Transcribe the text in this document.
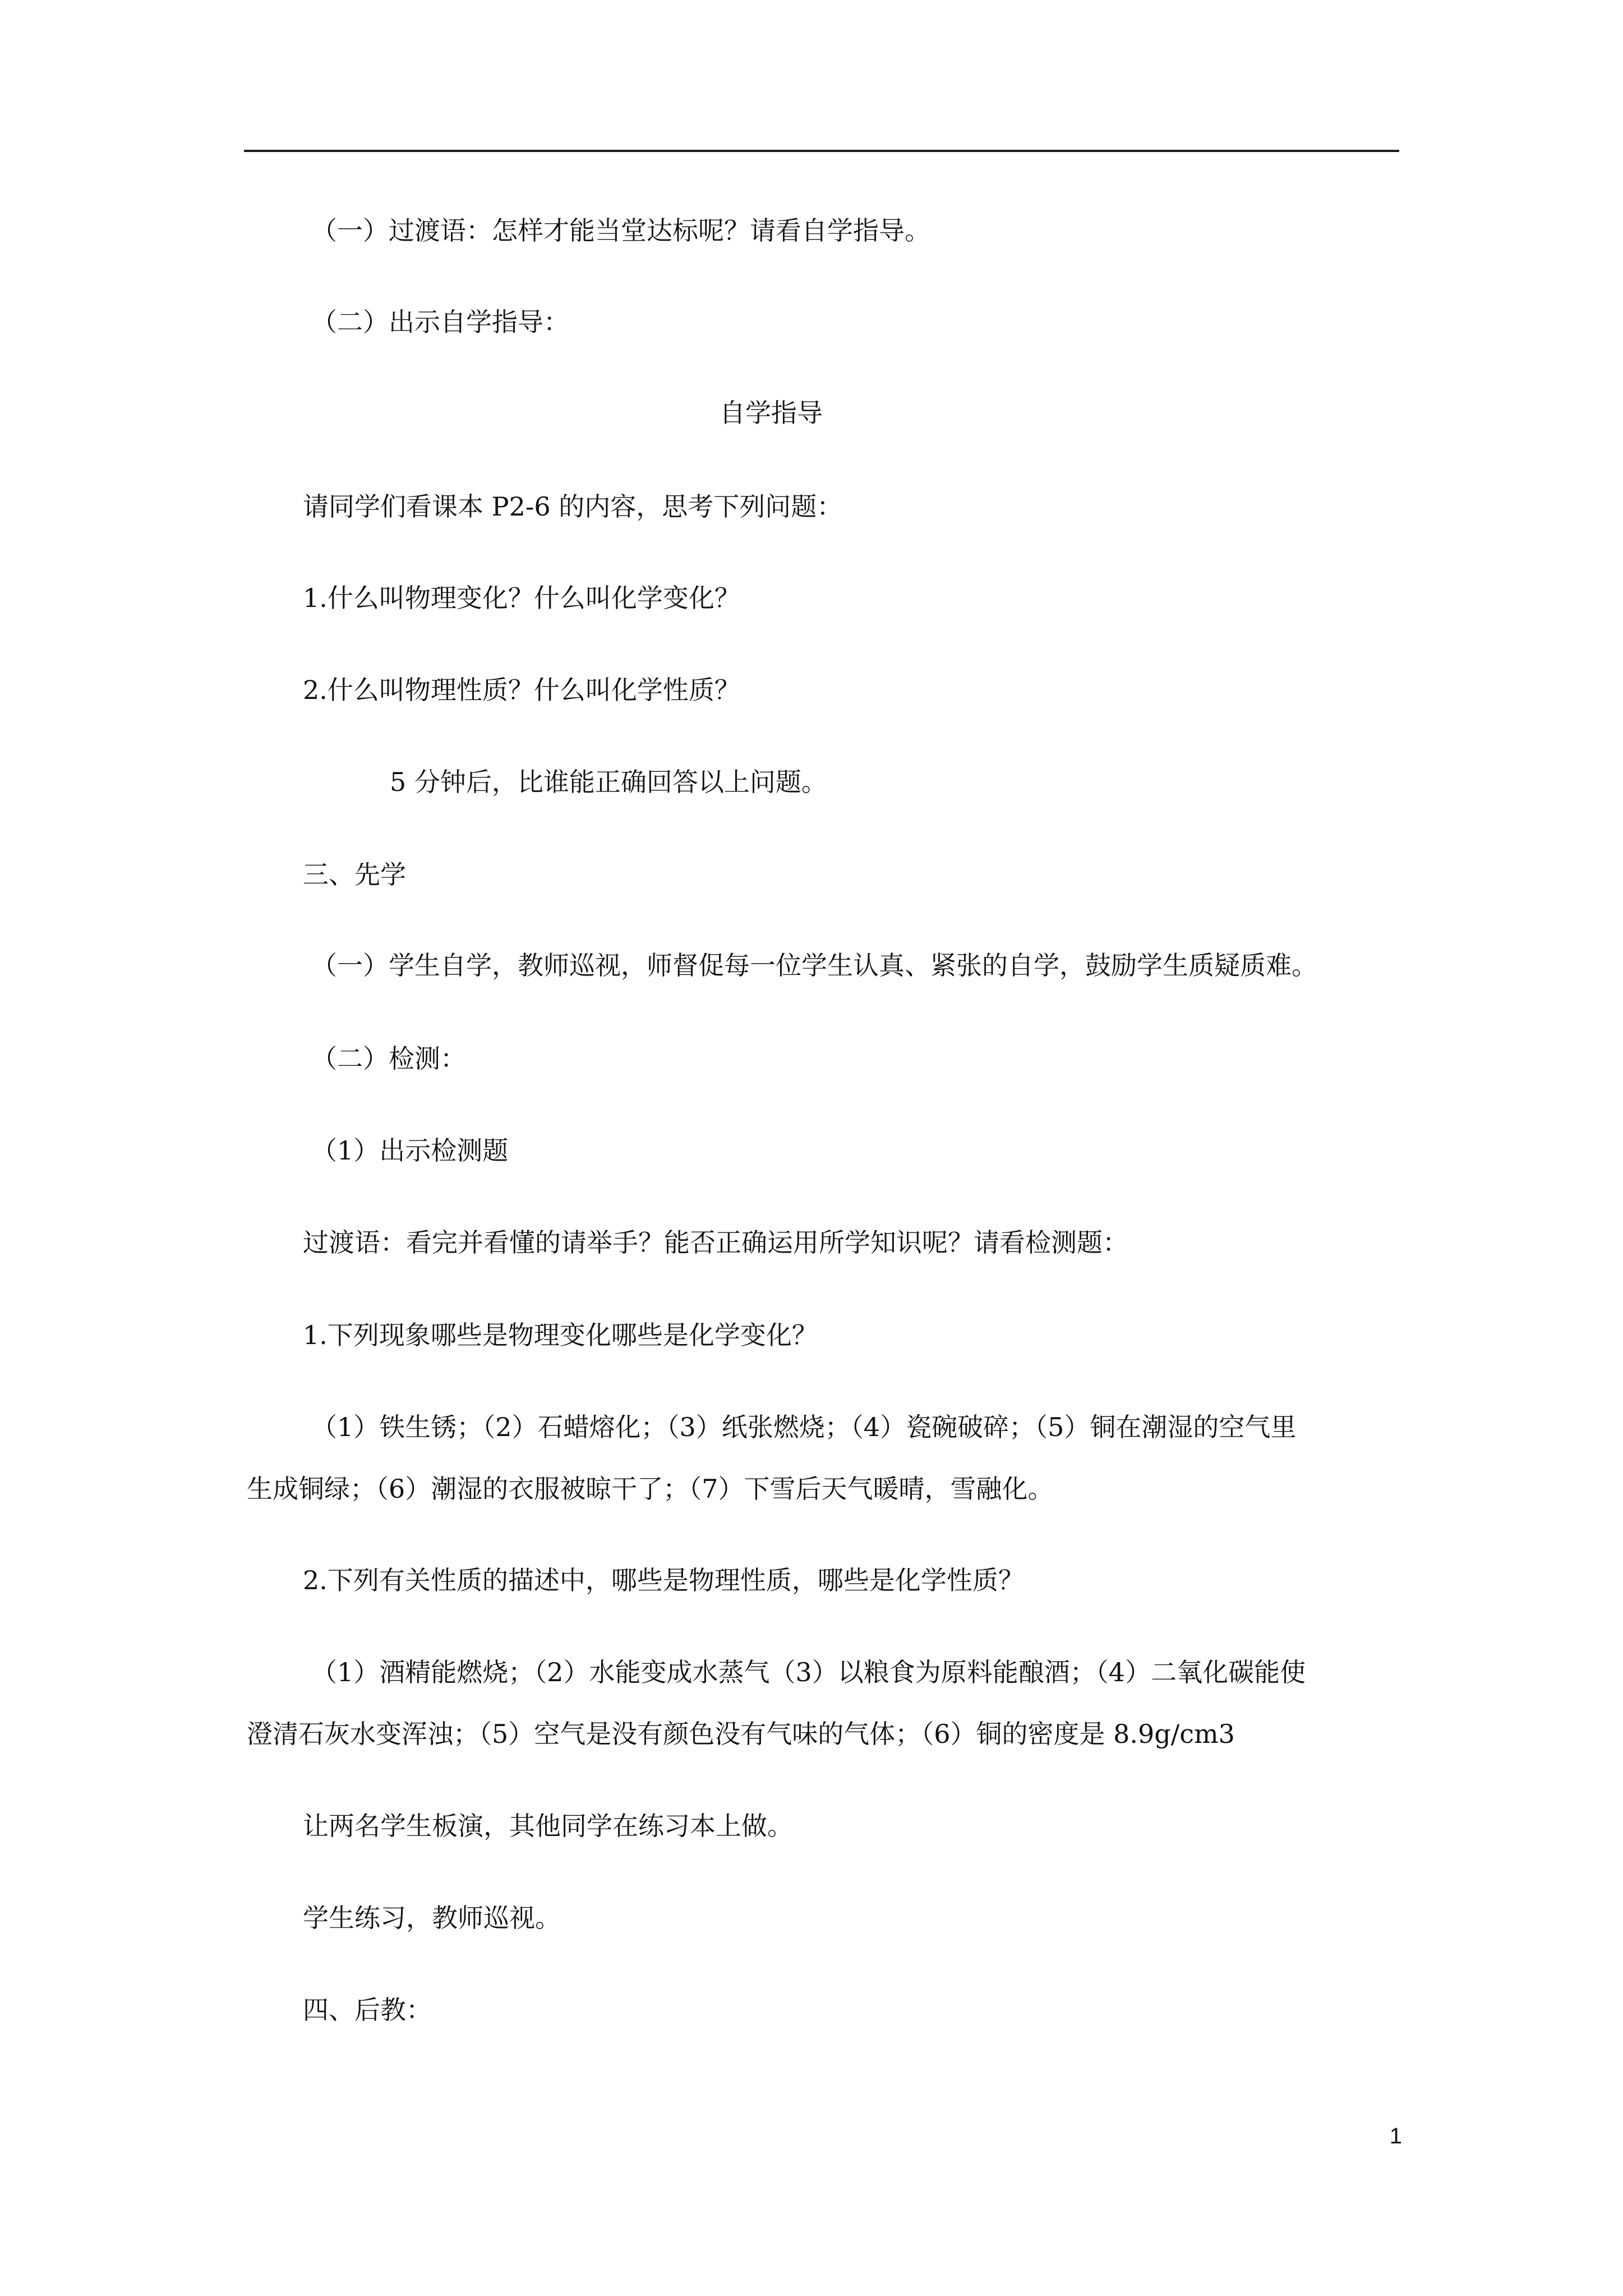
（一）过渡语：怎样才能当堂达标呢？请看自学指导。
（二）出示自学指导：
自学指导
请同学们看课本 P2-6 的内容，思考下列问题：
1.什么叫物理变化？什么叫化学变化？
2.什么叫物理性质？什么叫化学性质？
5 分钟后，比谁能正确回答以上问题。
三、先学
（一）学生自学，教师巡视，师督促每一位学生认真、紧张的自学，鼓励学生质疑质难。
（二）检测：
（1）出示检测题
过渡语：看完并看懂的请举手？能否正确运用所学知识呢？请看检测题：
1.下列现象哪些是物理变化哪些是化学变化？
（1）铁生锈；（2）石蜡熔化；（3）纸张燃烧；（4）瓷碗破碎；（5）铜在潮湿的空气里
生成铜绿；（6）潮湿的衣服被晾干了；（7）下雪后天气暖晴，雪融化。
2.下列有关性质的描述中，哪些是物理性质，哪些是化学性质？
（1）酒精能燃烧；（2）水能变成水蒸气（3）以粮食为原料能酿酒；（4）二氧化碳能使
澄清石灰水变浑浊；（5）空气是没有颜色没有气味的气体；（6）铜的密度是 8.9g/cm3
让两名学生板演，其他同学在练习本上做。
学生练习，教师巡视。
四、后教：
1
